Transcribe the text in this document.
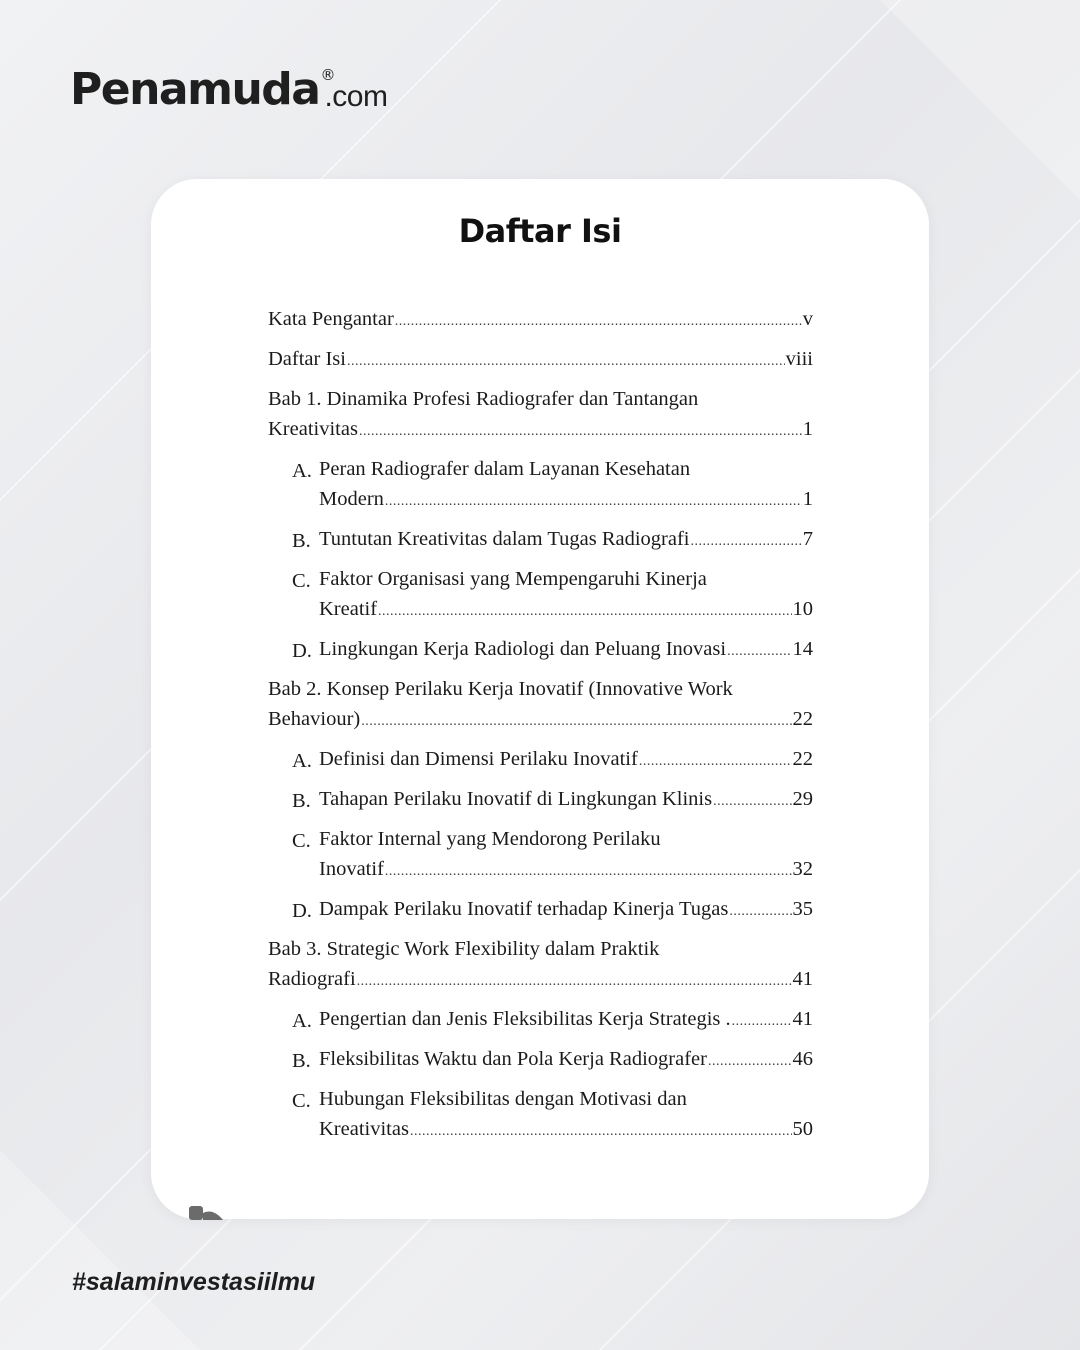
Penamuda ®
.com
Daftar Isi
Kata Pengantar .....	v
Daftar Isi .....	viii
Bab 1. Dinamika Profesi Radiografer dan Tantangan
Kreativitas .....	1
A. Peran Radiografer dalam Layanan Kesehatan
Modern .....	1
B. Tuntutan Kreativitas dalam Tugas Radiografi .....	7
C. Faktor Organisasi yang Mempengaruhi Kinerja
Kreatif .....	10
D. Lingkungan Kerja Radiologi dan Peluang Inovasi .....	14
Bab 2. Konsep Perilaku Kerja Inovatif (Innovative Work
Behaviour) .....	22
A. Definisi dan Dimensi Perilaku Inovatif .....	22
B. Tahapan Perilaku Inovatif di Lingkungan Klinis .....	29
C. Faktor Internal yang Mendorong Perilaku
Inovatif .....	32
D. Dampak Perilaku Inovatif terhadap Kinerja Tugas .....	35
Bab 3. Strategic Work Flexibility dalam Praktik
Radiografi .....	41
A. Pengertian dan Jenis Fleksibilitas Kerja Strategis . .....	41
B. Fleksibilitas Waktu dan Pola Kerja Radiografer .....	46
C. Hubungan Fleksibilitas dengan Motivasi dan
Kreativitas .....	50
#salaminvestasiilmu
